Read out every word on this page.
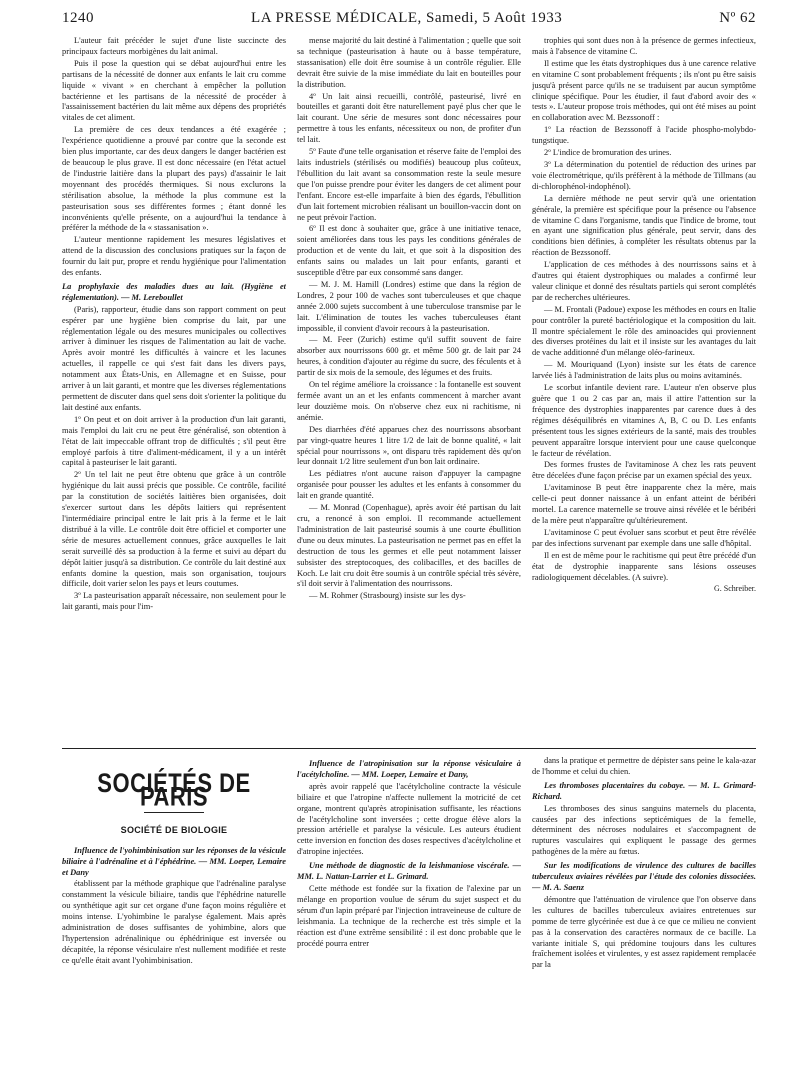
1240	LA PRESSE MÉDICALE, Samedi, 5 Août 1933	Nº 62

L'auteur fait précéder le sujet d'une liste succincte des principaux facteurs morbigènes du lait animal.

Puis il pose la question qui se débat aujourd'hui entre les partisans de la nécessité de donner aux enfants le lait cru comme liquide « vivant » en cherchant à empêcher la pollution bactérienne et les partisans de la nécessité de procéder à l'assainissement bactérien du lait même aux dépens des propriétés vitales de cet aliment.

La première de ces deux tendances a été exagérée ; l'expérience quotidienne a prouvé par contre que la seconde est bien plus importante, car des deux dangers le danger bactérien est de beaucoup le plus grave. Il est donc nécessaire (en l'état actuel de l'industrie laitière dans la plupart des pays) d'assainir le lait moyennant des procédés thermiques. Si nous exclurons la stérilisation absolue, la méthode la plus commune est la pasteurisation sous ses différentes formes ; étant donné les inconvénients qu'elle présente, on a aujourd'hui la tendance à préférer la méthode de la « stassanisation ».

L'auteur mentionne rapidement les mesures législatives et attend de la discussion des conclusions pratiques sur la façon de fournir du lait pur, propre et rendu hygiénique pour l'alimentation des enfants.

La prophylaxie des maladies dues au lait. (Hygiène et réglementation). — M. Lereboullet

(Paris), rapporteur, étudie dans son rapport comment on peut espérer par une hygiène bien comprise du lait, par une réglementation légale ou des mesures municipales ou collectives arriver à diminuer les risques de l'alimentation au lait de vache. Après avoir montré les difficultés à vaincre et les lacunes actuelles, il rappelle ce qui s'est fait dans les divers pays, notamment aux États-Unis, en Allemagne et en Suisse, pour arriver à un lait garanti, et montre que les diverses réglementations permettent de discuter dans quel sens doit s'orienter la politique du lait destiné aux enfants.

1º On peut et on doit arriver à la production d'un lait garanti, mais l'emploi du lait cru ne peut être généralisé, son obtention à l'état de lait impeccable offrant trop de difficultés ; s'il peut être employé parfois à titre d'aliment-médicament, il y a un intérêt capital à pasteuriser le lait garanti.

2º Un tel lait ne peut être obtenu que grâce à un contrôle hygiénique du lait aussi précis que possible. Ce contrôle, facilité par la constitution de sociétés laitières bien organisées, doit s'exercer surtout dans les dépôts laitiers qui représentent l'intermédiaire principal entre le lait pris à la ferme et le lait distribué à la ville. Le contrôle doit être officiel et comporter une série de mesures actuellement connues, grâce auxquelles le lait serait surveillé dès sa production à la ferme et suivi au départ du dépôt laitier jusqu'à sa distribution. Ce contrôle du lait destiné aux enfants domine la question, mais son organisation, toujours difficile, doit varier selon les pays et leurs coutumes.

3º La pasteurisation apparaît nécessaire, non seulement pour le lait garanti, mais pour l'im-

mense majorité du lait destiné à l'alimentation ; quelle que soit sa technique (pasteurisation à haute ou à basse température, stassanisation) elle doit être soumise à un contrôle régulier. Elle devrait être suivie de la mise immédiate du lait en bouteilles pour la distribution.

4º Un lait ainsi recueilli, contrôlé, pasteurisé, livré en bouteilles et garanti doit être naturellement payé plus cher que le lait courant. Une série de mesures sont donc nécessaires pour permettre à tous les enfants, nécessiteux ou non, de profiter d'un tel lait.

5º Faute d'une telle organisation et réserve faite de l'emploi des laits industriels (stérilisés ou modifiés) beaucoup plus coûteux, l'ébullition du lait avant sa consommation reste la seule mesure que l'on puisse prendre pour éviter les dangers de cet aliment pour l'enfant. Encore est-elle imparfaite à bien des égards, l'ébullition d'un lait fortement microbien réalisant un bouillon-vaccin dont on ne peut prévoir l'action.

6º Il est donc à souhaiter que, grâce à une initiative tenace, soient améliorées dans tous les pays les conditions générales de production et de vente du lait, et que soit à la disposition des enfants sains ou malades un lait pour enfants, garanti et susceptible d'être par eux consommé sans danger.

— M. J. M. Hamill (Londres) estime que dans la région de Londres, 2 pour 100 de vaches sont tuberculeuses et que chaque année 2.000 sujets succombent à une tuberculose transmise par le lait. L'élimination de toutes les vaches tuberculeuses étant impossible, il convient d'avoir recours à la pasteurisation.

— M. Feer (Zurich) estime qu'il suffit souvent de faire absorber aux nourrissons 600 gr. et même 500 gr. de lait par 24 heures, à condition d'ajouter au régime du sucre, des féculents et à partir de six mois de la semoule, des légumes et des fruits.

On tel régime améliore la croissance : la fontanelle est souvent fermée avant un an et les enfants commencent à marcher avant leur douzième mois. On n'observe chez eux ni rachitisme, ni anémie.

Des diarrhées d'été apparues chez des nourrissons absorbant par vingt-quatre heures 1 litre 1/2 de lait de bonne qualité, « lait spécial pour nourrissons », ont disparu très rapidement dès qu'on leur donnait 1/2 litre seulement d'un bon lait ordinaire.

Les pédiatres n'ont aucune raison d'appuyer la campagne organisée pour pousser les adultes et les enfants à consommer du lait en grande quantité.

— M. Monrad (Copenhague), après avoir été partisan du lait cru, a renoncé à son emploi. Il recommande actuellement l'administration de lait pasteurisé soumis à une courte ébullition d'une ou deux minutes. La pasteurisation ne permet pas en effet la destruction de tous les germes et elle peut notamment laisser subsister des streptocoques, des colibacilles, et des bacilles de Koch. Le lait cru doit être soumis à un contrôle spécial très sévère, s'il doit servir à l'alimentation des nourrissons.

— M. Rohmer (Strasbourg) insiste sur les dys-

trophies qui sont dues non à la présence de germes infectieux, mais à l'absence de vitamine C.

Il estime que les états dystrophiques dus à une carence relative en vitamine C sont probablement fréquents ; ils n'ont pu être saisis jusqu'à présent parce qu'ils ne se traduisent par aucun symptôme clinique spécifique. Pour les étudier, il faut d'abord avoir des « tests ». L'auteur propose trois méthodes, qui ont été mises au point en collaboration avec M. Bezssonoff :

1º La réaction de Bezssonoff à l'acide phospho-molybdo-tungstique.

2º L'indice de bromuration des urines.

3º La détermination du potentiel de réduction des urines par voie électrométrique, qu'ils préfèrent à la méthode de Tillmans (au di-chlorophénol-indophénol).

La dernière méthode ne peut servir qu'à une orientation générale, la première est spécifique pour la présence ou l'absence de vitamine C dans l'organisme, tandis que l'indice de brome, tout en ayant une signification plus générale, peut servir, dans des conditions bien définies, à compléter les résultats obtenus par la réaction de Bezssonoff.

L'application de ces méthodes à des nourrissons sains et à d'autres qui étaient dystrophiques ou malades a confirmé leur valeur clinique et donné des résultats partiels qui seront complétés par de recherches ultérieures.

— M. Frontali (Padoue) expose les méthodes en cours en Italie pour contrôler la pureté bactériologique et la composition du lait. Il montre spécialement le rôle des aminoacides qui proviennent des diverses protéines du lait et il insiste sur les avantages du lait de vache additionné d'un mélange oléo-farineux.

— M. Mouriquand (Lyon) insiste sur les états de carence larvée liés à l'administration de laits plus ou moins avitaminés.

Le scorbut infantile devient rare. L'auteur n'en observe plus guère que 1 ou 2 cas par an, mais il attire l'attention sur la fréquence des dystrophies inapparentes par carence dues à des régimes déséquilibrés en vitamines A, B, C ou D. Les enfants présentent tous les signes extérieurs de la santé, mais des troubles peuvent apparaître lorsque intervient pour une cause quelconque le facteur de révélation.

Des formes frustes de l'avitaminose A chez les rats peuvent être décelées d'une façon précise par un examen spécial des yeux.

L'avitaminose B peut être inapparente chez la mère, mais celle-ci peut donner naissance à un enfant atteint de béribéri mortel. La carence maternelle se trouve ainsi révélée et le béribéri de la mère peut n'apparaître qu'ultérieurement.

L'avitaminose C peut évoluer sans scorbut et peut être révélée par des infections survenant par exemple dans une salle d'hôpital.

Il en est de même pour le rachitisme qui peut être précédé d'un état de dystrophie inapparente sans lésions osseuses radiologiquement décelables. (A suivre).

G. Schreiber.

SOCIÉTÉS DE PARIS
SOCIÉTÉ DE BIOLOGIE

Influence de l'yohimbinisation sur les réponses de la vésicule biliaire à l'adrénaline et à l'éphédrine. — MM. Loeper, Lemaire et Dany

établissent par la méthode graphique que l'adrénaline paralyse constamment la vésicule biliaire, tandis que l'éphédrine naturelle ou synthétique agit sur cet organe d'une façon moins régulière et moins intense. L'yohimbine le paralyse également. Mais après administration de doses suffisantes de yohimbine, alors que l'hypertension adrénalinique ou éphédrinique est inversée ou décapitée, la réponse vésiculaire n'est nullement modifiée et reste ce qu'elle était avant l'yohimbinisation.

Influence de l'atropinisation sur la réponse vésiculaire à l'acétylcholine. — MM. Loeper, Lemaire et Dany,

après avoir rappelé que l'acétylcholine contracte la vésicule biliaire et que l'atropine n'affecte nullement la motricité de cet organe, montrent qu'après atropinisation suffisante, les réactions de l'acétylcholine sont inversées ; cette drogue élève alors la pression artérielle et paralyse la vésicule. Les auteurs étudient cette inversion en fonction des doses respectives d'acétylcholine et d'atropine injectées.

Une méthode de diagnostic de la leishmaniose viscérale. — MM. L. Nattan-Larrier et L. Grimard.

Cette méthode est fondée sur la fixation de l'alexine par un mélange en proportion voulue de sérum du sujet suspect et du sérum d'un lapin préparé par l'injection intraveineuse de culture de leishmania. La technique de la recherche est très simple et la réaction est d'une extrême sensibilité : il est donc probable que le procédé pourra entrer

dans la pratique et permettre de dépister sans peine le kala-azar de l'homme et celui du chien.

Les thromboses placentaires du cobaye. — M. L. Grimard-Richard.

Les thromboses des sinus sanguins maternels du placenta, causées par des infections septicémiques de la femelle, déterminent des nécroses nodulaires et s'accompagnent de ruptures vasculaires qui expliquent le passage des germes pathogènes de la mère au fœtus.

Sur les modifications de virulence des cultures de bacilles tuberculeux aviaires révélées par l'étude des colonies dissociées. — M. A. Saenz

démontre que l'atténuation de virulence que l'on observe dans les cultures de bacilles tuberculeux aviaires entretenues sur pomme de terre glycérinée est due à ce que ce milieu ne convient pas à la conservation des caractères normaux de ce bacille. La variante initiale S, qui prédomine toujours dans les cultures fraîchement isolées et virulentes, y est assez rapidement remplacée par la
